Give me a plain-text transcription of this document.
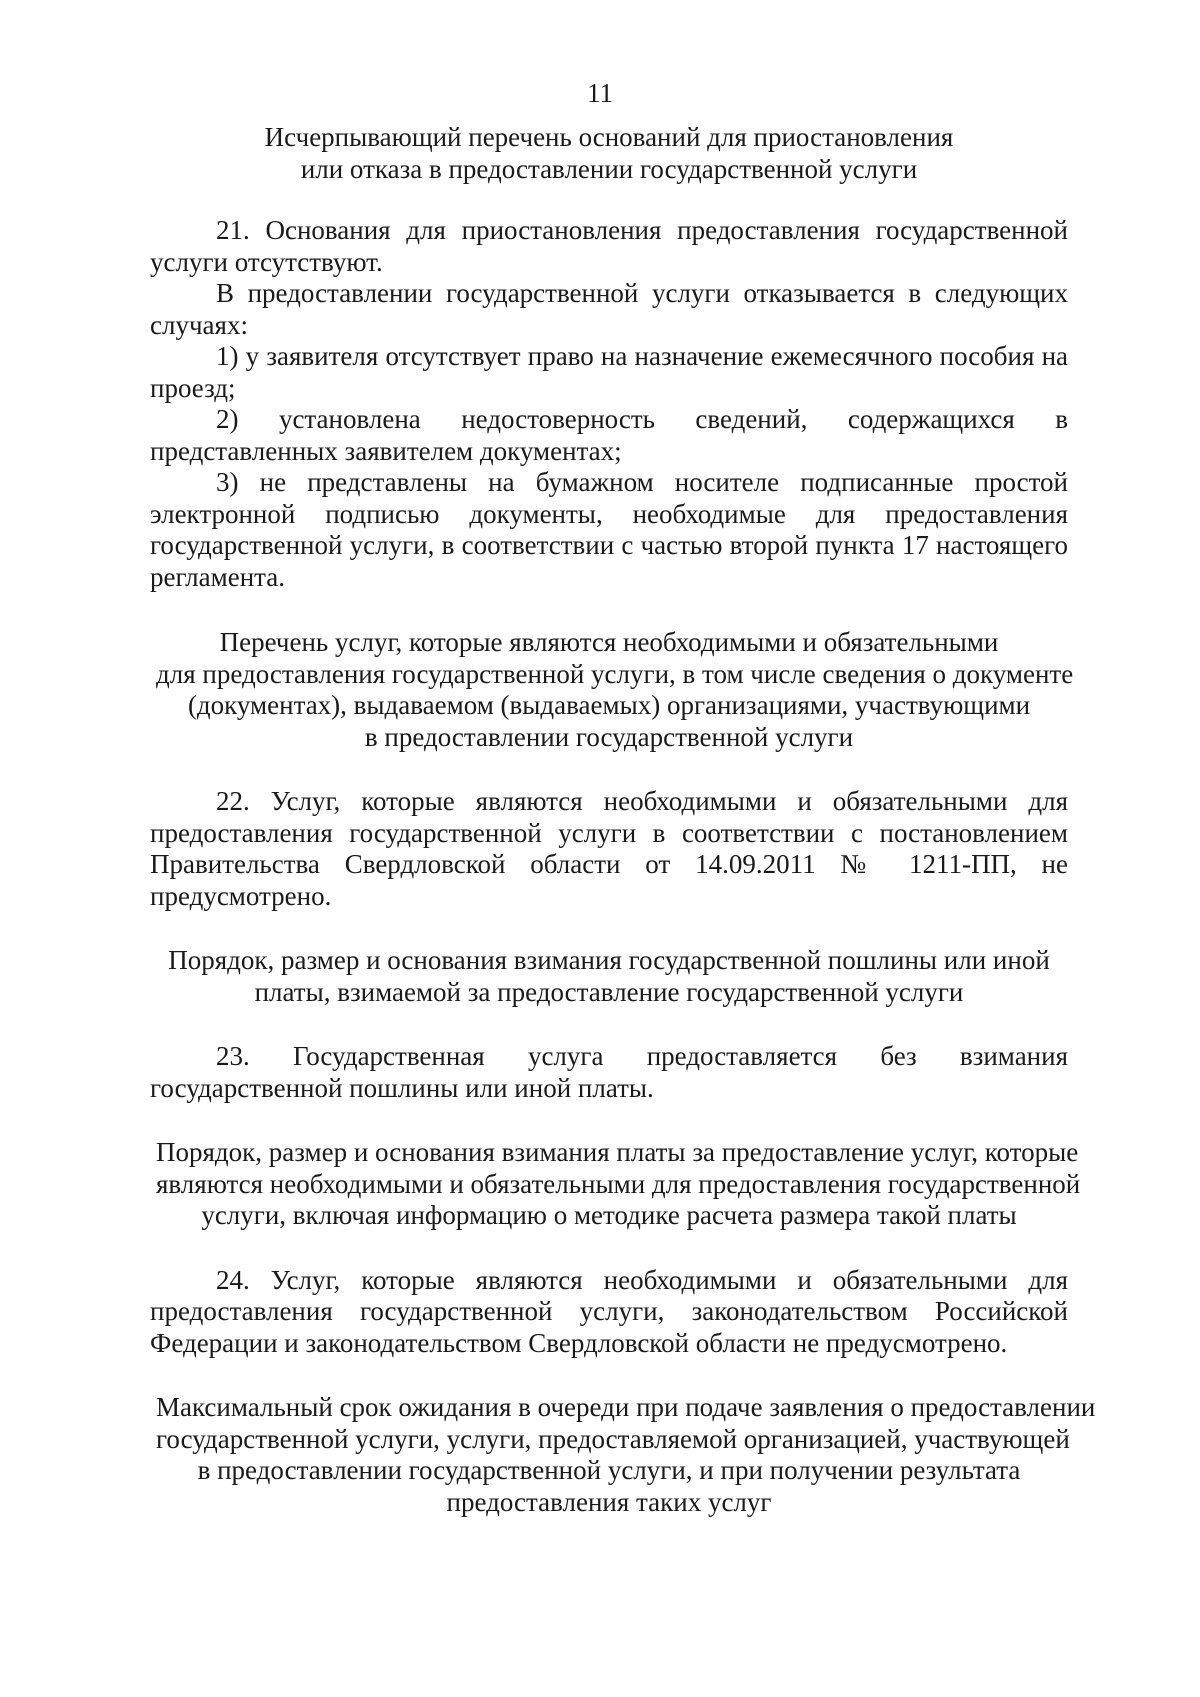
11
Исчерпывающий перечень оснований для приостановления
или отказа в предоставлении государственной услуги

21. Основания для приостановления предоставления государственной услуги отсутствуют.

В предоставлении государственной услуги отказывается в следующих случаях:

1) у заявителя отсутствует право на назначение ежемесячного пособия на проезд;

2) установлена недостоверность сведений, содержащихся в представленных заявителем документах;

3) не представлены на бумажном носителе подписанные простой электронной подписью документы, необходимые для предоставления государственной услуги, в соответствии с частью второй пункта 17 настоящего регламента.

Перечень услуг, которые являются необходимыми и обязательными
для предоставления государственной услуги, в том числе сведения о документе
(документах), выдаваемом (выдаваемых) организациями, участвующими
в предоставлении государственной услуги

22. Услуг, которые являются необходимыми и обязательными для предоставления государственной услуги в соответствии с постановлением Правительства Свердловской области от 14.09.2011 № 1211-ПП, не предусмотрено.

Порядок, размер и основания взимания государственной пошлины или иной
платы, взимаемой за предоставление государственной услуги

23. Государственная услуга предоставляется без взимания государственной пошлины или иной платы.

Порядок, размер и основания взимания платы за предоставление услуг, которые
являются необходимыми и обязательными для предоставления государственной
услуги, включая информацию о методике расчета размера такой платы

24. Услуг, которые являются необходимыми и обязательными для предоставления государственной услуги, законодательством Российской Федерации и законодательством Свердловской области не предусмотрено.

Максимальный срок ожидания в очереди при подаче заявления о предоставлении
государственной услуги, услуги, предоставляемой организацией, участвующей
в предоставлении государственной услуги, и при получении результата
предоставления таких услуг
